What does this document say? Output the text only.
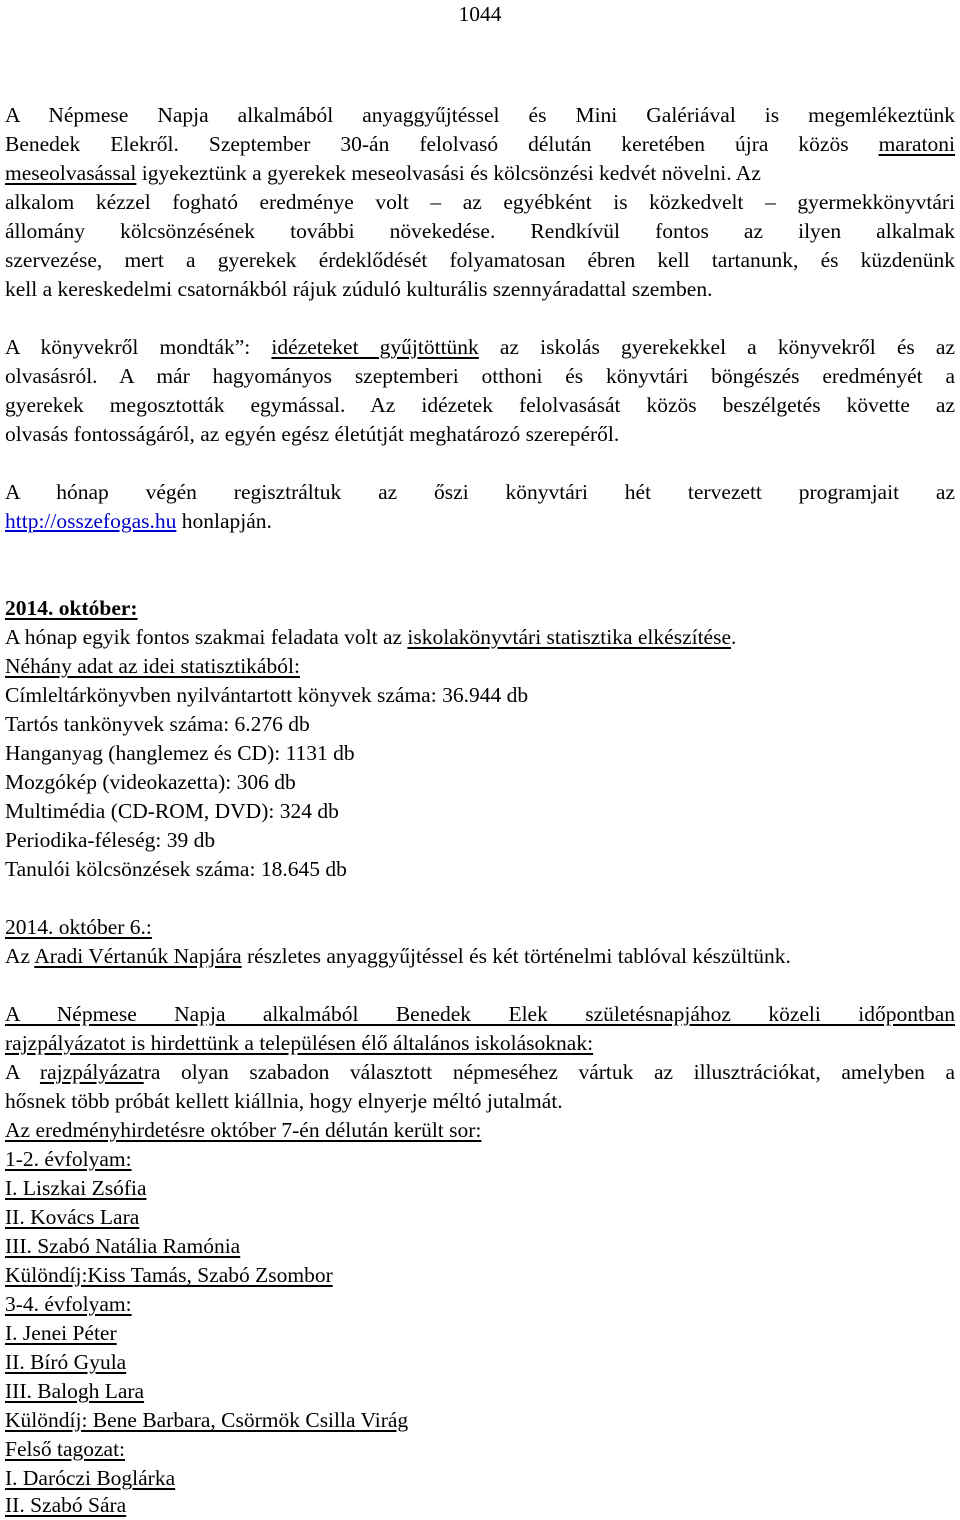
1044
A Népmese Napja alkalmából anyaggyűjtéssel és Mini Galériával is megemlékeztünk
Benedek Elekről. Szeptember 30-án felolvasó délután keretében újra közös maratoni
meseolvasással igyekeztünk a gyerekek meseolvasási és kölcsönzési kedvét növelni. Az
alkalom kézzel fogható eredménye volt – az egyébként is közkedvelt – gyermekkönyvtári
állomány kölcsönzésének további növekedése. Rendkívül fontos az ilyen alkalmak
szervezése, mert a gyerekek érdeklődését folyamatosan ébren kell tartanunk, és küzdenünk
kell a kereskedelmi csatornákból rájuk zúduló kulturális szennyáradattal szemben.
A könyvekről mondták”: idézeteket gyűjtöttünk az iskolás gyerekekkel a könyvekről és az
olvasásról. A már hagyományos szeptemberi otthoni és könyvtári böngészés eredményét a
gyerekek megosztották egymással. Az idézetek felolvasását közös beszélgetés követte az
olvasás fontosságáról, az egyén egész életútját meghatározó szerepéről.
A hónap végén regisztráltuk az őszi könyvtári hét tervezett programjait az
http://osszefogas.hu honlapján.
2014. október:
A hónap egyik fontos szakmai feladata volt az iskolakönyvtári statisztika elkészítése.
Néhány adat az idei statisztikából:
Címleltárkönyvben nyilvántartott könyvek száma: 36.944 db
Tartós tankönyvek száma: 6.276 db
Hanganyag (hanglemez és CD): 1131 db
Mozgókép (videokazetta): 306 db
Multimédia (CD-ROM, DVD): 324 db
Periodika-féleség: 39 db
Tanulói kölcsönzések száma: 18.645 db
2014. október 6.:
Az Aradi Vértanúk Napjára részletes anyaggyűjtéssel és két történelmi tablóval készültünk.
A Népmese Napja alkalmából Benedek Elek születésnapjához közeli időpontban
rajzpályázatot is hirdettünk a településen élő általános iskolásoknak:
A rajzpályázatra olyan szabadon választott népmeséhez vártuk az illusztrációkat, amelyben a
hősnek több próbát kellett kiállnia, hogy elnyerje méltó jutalmát.
Az eredményhirdetésre október 7-én délután került sor:
1-2. évfolyam:
I. Liszkai Zsófia
II. Kovács Lara
III. Szabó Natália Ramónia
Különdíj:Kiss Tamás, Szabó Zsombor
3-4. évfolyam:
I. Jenei Péter
II. Bíró Gyula
III. Balogh Lara
Különdíj: Bene Barbara, Csörmök Csilla Virág
Felső tagozat:
I. Daróczi Boglárka
II. Szabó Sára
